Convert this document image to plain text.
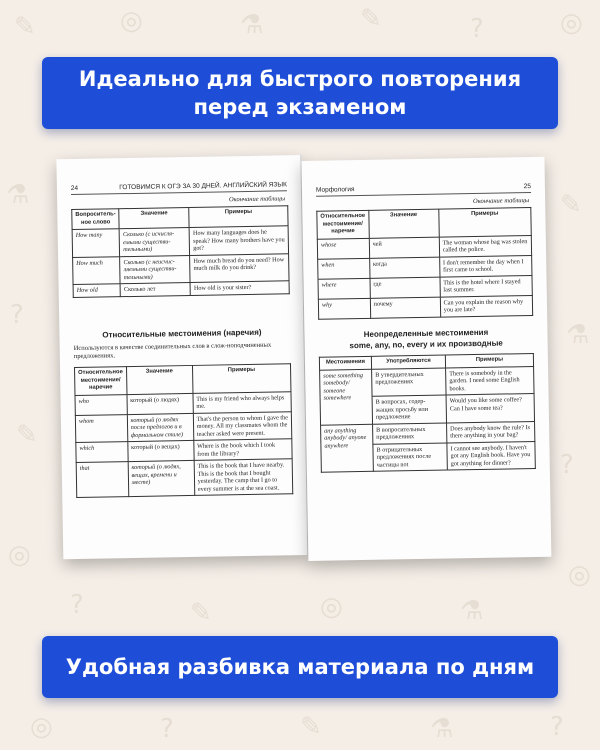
✎	◎	⚗	✎	?	◎
⚗
?
✎
◎
✎
⚗
?
◎
?	✎	◎	⚗
◎	?	✎	⚗	?
Идеально для быстрого повторения
перед экзаменом
24	ГОТОВИМСЯ К ОГЭ ЗА 30 ДНЕЙ. АНГЛИЙСКИЙ ЯЗЫК
Окончание таблицы
Вопроситель-ное слово	Значение	Примеры
How many	Сколько (с исчисля-емыми существи-тельными)	How many languages does he speak? How many brothers have you got?
How much	Сколько (с неисчис-ляемыми существи-тельными)	How much bread do you need? How much milk do you drink?
How old	Сколько лет	How old is your sister?
Относительные местоимения (наречия)
Используются в качестве соединительных слов в слож-ноподчиненных предложениях.
Относительное местоимение/наречие	Значение	Примеры
who	который (о людях)	This is my friend who always helps me.
whom	который (о людях после предлогов и в формальном стиле)	That's the person to whom I gave the money. All my classmates whom the teacher asked were present.
which	который (о вещах)	Where is the book which I took from the library?
that	который (о людях, вещах, времени и месте)	This is the book that I have nearby. This is the book that I bought yesterday. The camp that I go to every summer is at the sea coast.
Морфология	25
Окончание таблицы
Относительное местоимение/наречие	Значение	Примеры
whose	чей	The woman whose bag was stolen called the police.
when	когда	I don't remember the day when I first came to school.
where	где	This is the hotel where I stayed last summer.
why	почему	Can you explain the reason why you are late?
Неопределенные местоимения
some, any, no, every и их производные
Местоимения	Употребляются	Примеры
some something somebody/ someone somewhere	В утвердительных предложениях	There is somebody in the garden. I need some English books.
	В вопросах, содер-жащих просьбу или предложение	Would you like some coffee? Can I have some tea?
any anything anybody/ anyone anywhere	В вопросительных предложениях	Does anybody know the rule? Is there anything in your bag?
	В отрицательных предложениях после частицы not	I cannot see anybody. I haven't got any English book. Have you got anything for dinner?
Удобная разбивка материала по дням
